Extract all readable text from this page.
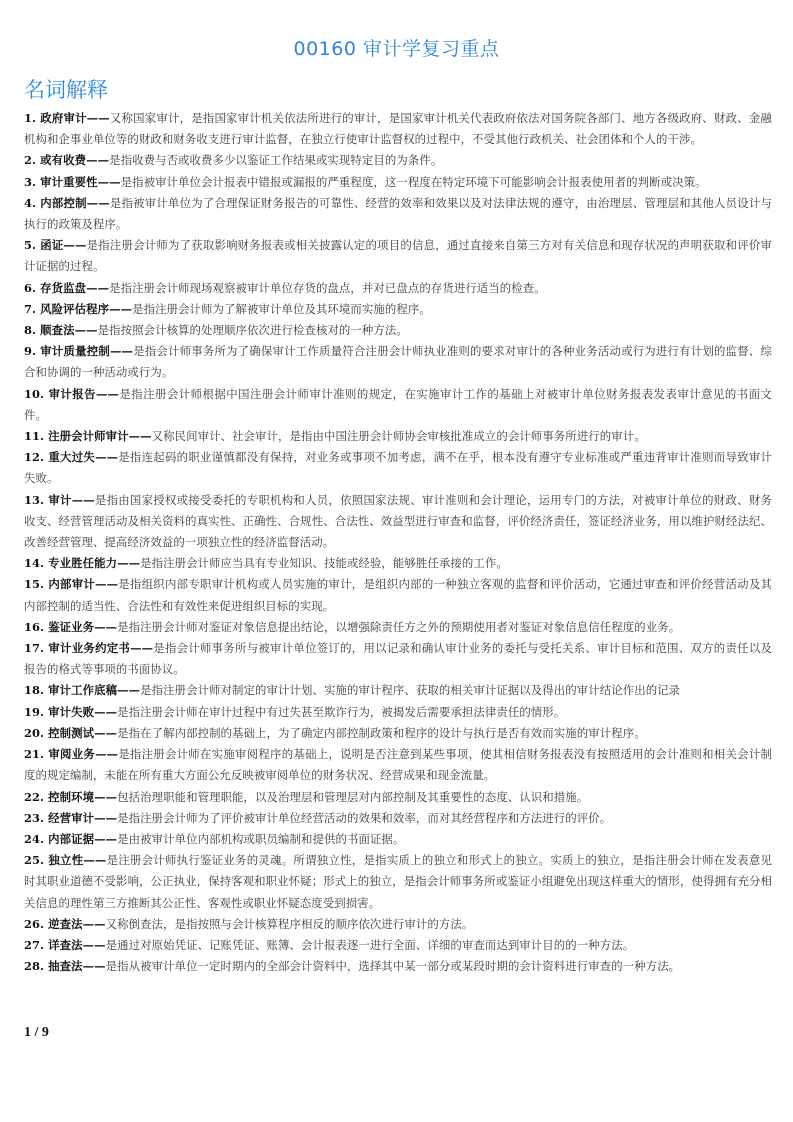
00160 审计学复习重点
名词解释

1. 政府审计——又称国家审计，是指国家审计机关依法所进行的审计，是国家审计机关代表政府依法对国务院各部门、地方各级政府、财政、金融机构和企事业单位等的财政和财务收支进行审计监督，在独立行使审计监督权的过程中，不受其他行政机关、社会团体和个人的干涉。

2. 或有收费——是指收费与否或收费多少以鉴证工作结果或实现特定目的为条件。

3. 审计重要性——是指被审计单位会计报表中错报或漏报的严重程度，这一程度在特定环境下可能影响会计报表使用者的判断或决策。

4. 内部控制——是指被审计单位为了合理保证财务报告的可靠性、经营的效率和效果以及对法律法规的遵守，由治理层、管理层和其他人员设计与执行的政策及程序。

5. 函证——是指注册会计师为了获取影响财务报表或相关披露认定的项目的信息，通过直接来自第三方对有关信息和现存状况的声明获取和评价审计证据的过程。

6. 存货监盘——是指注册会计师现场观察被审计单位存货的盘点，并对已盘点的存货进行适当的检查。

7. 风险评估程序——是指注册会计师为了解被审计单位及其环境而实施的程序。

8. 顺查法——是指按照会计核算的处理顺序依次进行检查核对的一种方法。

9. 审计质量控制——是指会计师事务所为了确保审计工作质量符合注册会计师执业准则的要求对审计的各种业务活动或行为进行有计划的监督、综合和协调的一种活动或行为。

10. 审计报告——是指注册会计师根据中国注册会计师审计准则的规定，在实施审计工作的基础上对被审计单位财务报表发表审计意见的书面文件。

11. 注册会计师审计——又称民间审计、社会审计，是指由中国注册会计师协会审核批准成立的会计师事务所进行的审计。

12. 重大过失——是指连起码的职业谨慎都没有保持，对业务或事项不加考虑，满不在乎，根本没有遵守专业标准或严重违背审计准则而导致审计失败。

13. 审计——是指由国家授权或接受委托的专职机构和人员，依照国家法规、审计准则和会计理论，运用专门的方法，对被审计单位的财政、财务收支、经营管理活动及相关资料的真实性、正确性、合规性、合法性、效益型进行审查和监督，评价经济责任，签证经济业务，用以维护财经法纪、改善经营管理、提高经济效益的一项独立性的经济监督活动。

14. 专业胜任能力——是指注册会计师应当具有专业知识、技能或经验，能够胜任承接的工作。

15. 内部审计——是指组织内部专职审计机构或人员实施的审计，是组织内部的一种独立客观的监督和评价活动，它通过审查和评价经营活动及其内部控制的适当性、合法性和有效性来促进组织目标的实现。

16. 鉴证业务——是指注册会计师对鉴证对象信息提出结论，以增强除责任方之外的预期使用者对鉴证对象信息信任程度的业务。

17. 审计业务约定书——是指会计师事务所与被审计单位签订的，用以记录和确认审计业务的委托与受托关系、审计目标和范围、双方的责任以及报告的格式等事项的书面协议。

18. 审计工作底稿——是指注册会计师对制定的审计计划、实施的审计程序、获取的相关审计证据以及得出的审计结论作出的记录

19. 审计失败——是指注册会计师在审计过程中有过失甚至欺诈行为，被揭发后需要承担法律责任的情形。

20. 控制测试——是指在了解内部控制的基础上，为了确定内部控制政策和程序的设计与执行是否有效而实施的审计程序。

21. 审阅业务——是指注册会计师在实施审阅程序的基础上，说明是否注意到某些事项，使其相信财务报表没有按照适用的会计准则和相关会计制度的规定编制，未能在所有重大方面公允反映被审阅单位的财务状况、经营成果和现金流量。

22. 控制环境——包括治理职能和管理职能，以及治理层和管理层对内部控制及其重要性的态度、认识和措施。

23. 经营审计——是指注册会计师为了评价被审计单位经营活动的效果和效率，而对其经营程序和方法进行的评价。

24. 内部证据——是由被审计单位内部机构或职员编制和提供的书面证据。

25. 独立性——是注册会计师执行鉴证业务的灵魂。所谓独立性，是指实质上的独立和形式上的独立。实质上的独立，是指注册会计师在发表意见时其职业道德不受影响，公正执业，保持客观和职业怀疑；形式上的独立，是指会计师事务所或鉴证小组避免出现这样重大的情形，使得拥有充分相关信息的理性第三方推断其公正性、客观性或职业怀疑态度受到损害。

26. 逆查法——又称倒查法，是指按照与会计核算程序相反的顺序依次进行审计的方法。

27. 详查法——是通过对原始凭证、记账凭证、账簿、会计报表逐一进行全面、详细的审查而达到审计目的的一种方法。

28. 抽查法——是指从被审计单位一定时期内的全部会计资料中，选择其中某一部分或某段时期的会计资料进行审查的一种方法。

1 / 9
